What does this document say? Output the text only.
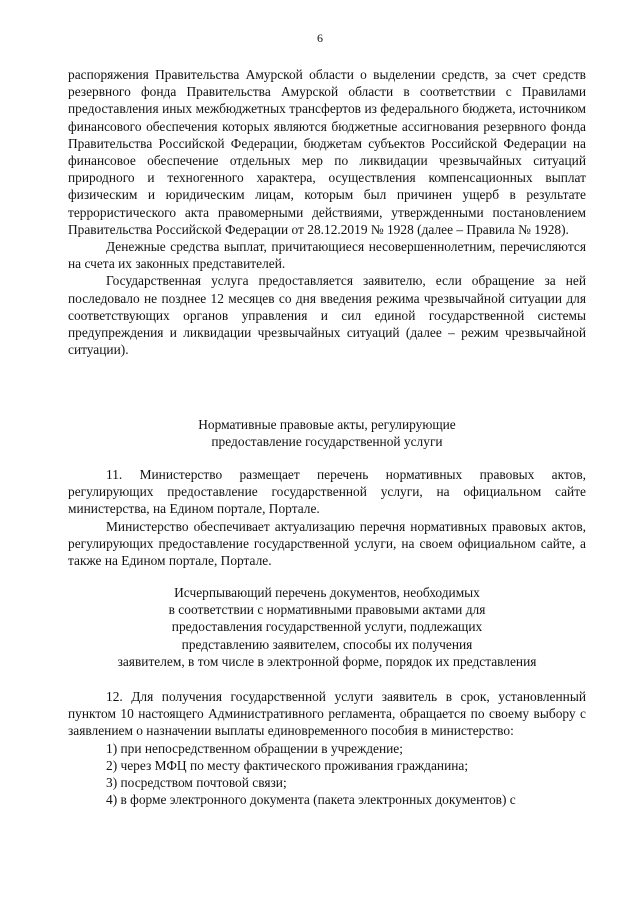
6

распоряжения Правительства Амурской области о выделении средств, за счет средств резервного фонда Правительства Амурской области в соответствии с Правилами предоставления иных межбюджетных трансфертов из федерального бюджета, источником финансового обеспечения которых являются бюджетные ассигнования резервного фонда Правительства Российской Федерации, бюджетам субъектов Российской Федерации на финансовое обеспечение отдельных мер по ликвидации чрезвычайных ситуаций природного и техногенного характера, осуществления компенсационных выплат физическим и юридическим лицам, которым был причинен ущерб в результате террористического акта правомерными действиями, утвержденными постановлением Правительства Российской Федерации от 28.12.2019 № 1928 (далее – Правила № 1928).

Денежные средства выплат, причитающиеся несовершеннолетним, перечисляются на счета их законных представителей.

Государственная услуга предоставляется заявителю, если обращение за ней последовало не позднее 12 месяцев со дня введения режима чрезвычайной ситуации для соответствующих органов управления и сил единой государственной системы предупреждения и ликвидации чрезвычайных ситуаций (далее – режим чрезвычайной ситуации).

Нормативные правовые акты, регулирующие
предоставление государственной услуги

11. Министерство размещает перечень нормативных правовых актов, регулирующих предоставление государственной услуги, на официальном сайте министерства, на Едином портале, Портале.

Министерство обеспечивает актуализацию перечня нормативных правовых актов, регулирующих предоставление государственной услуги, на своем официальном сайте, а также на Едином портале, Портале.

Исчерпывающий перечень документов, необходимых
в соответствии с нормативными правовыми актами для
предоставления государственной услуги, подлежащих
представлению заявителем, способы их получения
заявителем, в том числе в электронной форме, порядок их представления

12. Для получения государственной услуги заявитель в срок, установленный пунктом 10 настоящего Административного регламента, обращается по своему выбору с заявлением о назначении выплаты единовременного пособия в министерство:

1) при непосредственном обращении в учреждение;
2) через МФЦ по месту фактического проживания гражданина;
3) посредством почтовой связи;
4) в форме электронного документа (пакета электронных документов) с
